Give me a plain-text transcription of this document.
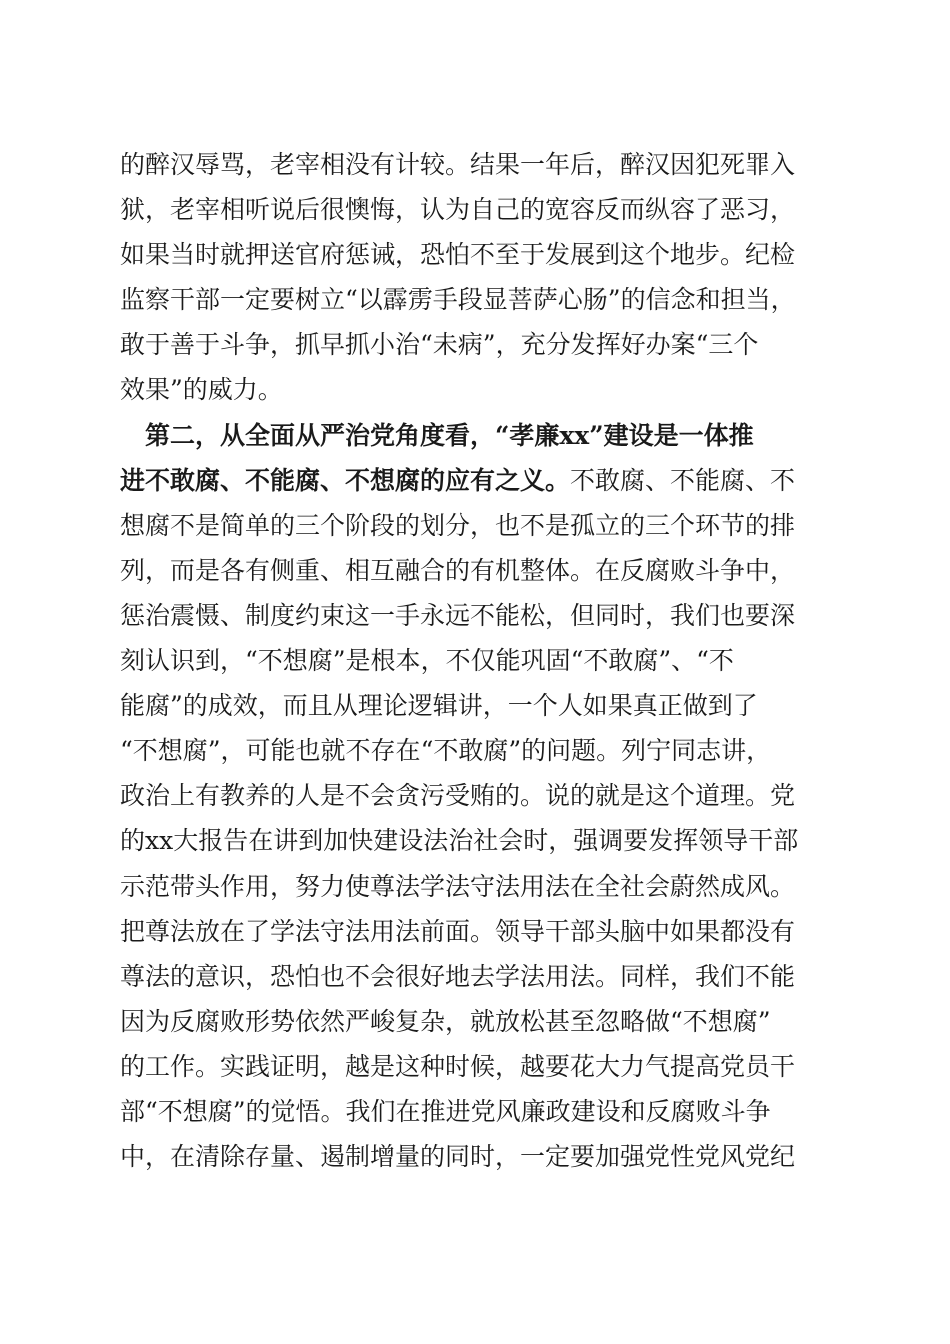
的醉汉辱骂，老宰相没有计较。结果一年后，醉汉因犯死罪入
狱，老宰相听说后很懊悔，认为自己的宽容反而纵容了恶习，
如果当时就押送官府惩诫，恐怕不至于发展到这个地步。纪检
监察干部一定要树立“以霹雳手段显菩萨心肠”的信念和担当，
敢于善于斗争，抓早抓小治“未病”，充分发挥好办案“三个
效果”的威力。
　第二，从全面从严治党角度看，“孝廉xx”建设是一体推
进不敢腐、不能腐、不想腐的应有之义。不敢腐、不能腐、不
想腐不是简单的三个阶段的划分，也不是孤立的三个环节的排
列，而是各有侧重、相互融合的有机整体。在反腐败斗争中，
惩治震慑、制度约束这一手永远不能松，但同时，我们也要深
刻认识到，“不想腐”是根本，不仅能巩固“不敢腐”、“不
能腐”的成效，而且从理论逻辑讲，一个人如果真正做到了
“不想腐”，可能也就不存在“不敢腐”的问题。列宁同志讲，
政治上有教养的人是不会贪污受贿的。说的就是这个道理。党
的xx大报告在讲到加快建设法治社会时，强调要发挥领导干部
示范带头作用，努力使尊法学法守法用法在全社会蔚然成风。
把尊法放在了学法守法用法前面。领导干部头脑中如果都没有
尊法的意识，恐怕也不会很好地去学法用法。同样，我们不能
因为反腐败形势依然严峻复杂，就放松甚至忽略做“不想腐”
的工作。实践证明，越是这种时候，越要花大力气提高党员干
部“不想腐”的觉悟。我们在推进党风廉政建设和反腐败斗争
中，在清除存量、遏制增量的同时，一定要加强党性党风党纪
